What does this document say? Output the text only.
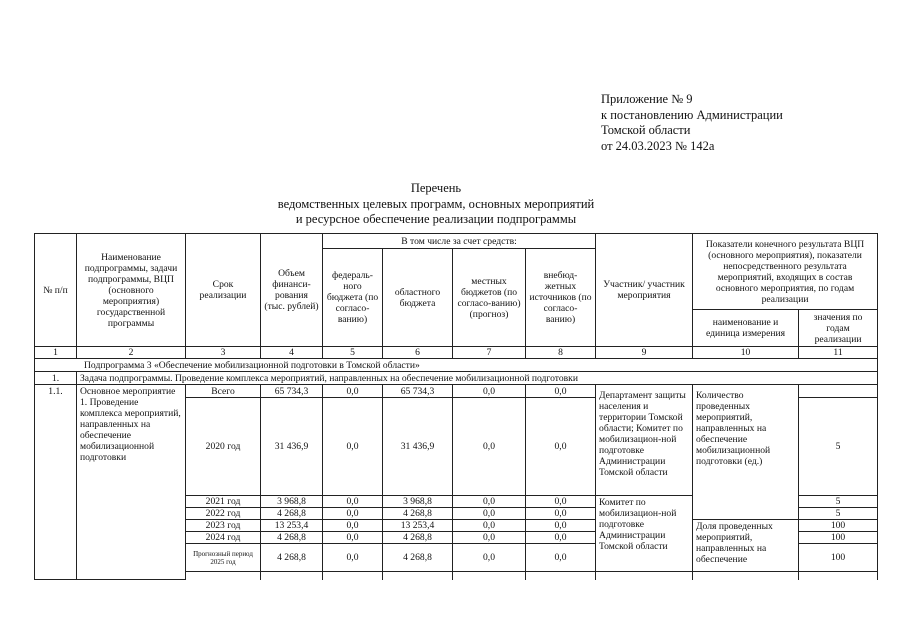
Приложение № 9
к постановлению Администрации
Томской области
от 24.03.2023 № 142а
Перечень
ведомственных целевых программ, основных мероприятий
и ресурсное обеспечение реализации подпрограммы
№ п/п	Наименование подпрограммы, задачи подпрограммы, ВЦП (основного мероприятия) государственной программы	Срок реализации	Объем финанси-рования (тыс. рублей)	В том числе за счет средств:				Участник/ участник мероприятия	Показатели конечного результата ВЦП (основного мероприятия), показатели непосредственного результата мероприятий, входящих в состав основного мероприятия, по годам реализации	
				федераль-ного бюджета (по согласо-ванию)	областного бюджета	местных бюджетов (по согласо-ванию) (прогноз)	внебюд-жетных источников (по согласо-ванию)			
									наименование и единица измерения	значения по годам реализации
1	2	3	4	5	6	7	8	9	10	11
Подпрограмма 3 «Обеспечение мобилизационной подготовки в Томской области»										
1.	Задача подпрограммы. Проведение комплекса мероприятий, направленных на обеспечение мобилизационной подготовки									
1.1.	Основное мероприятие 1. Проведение комплекса мероприятий, направленных на обеспечение мобилизационной подготовки	Всего	65 734,3	0,0	65 734,3	0,0	0,0	Департамент защиты населения и территории Томской области; Комитет по мобилизацион-ной подготовке Администрации Томской области	Количество проведенных мероприятий, направленных на обеспечение мобилизационной подготовки (ед.)	
		2020 год	31 436,9	0,0	31 436,9	0,0	0,0			5
		2021 год	3 968,8	0,0	3 968,8	0,0	0,0	Комитет по мобилизацион-ной подготовке Администрации Томской области		5
		2022 год	4 268,8	0,0	4 268,8	0,0	0,0			5
		2023 год	13 253,4	0,0	13 253,4	0,0	0,0		Доля проведенных мероприятий, направленных на обеспечение	100
		2024 год	4 268,8	0,0	4 268,8	0,0	0,0			100
		Прогнозный период 2025 год	4 268,8	0,0	4 268,8	0,0	0,0			100
